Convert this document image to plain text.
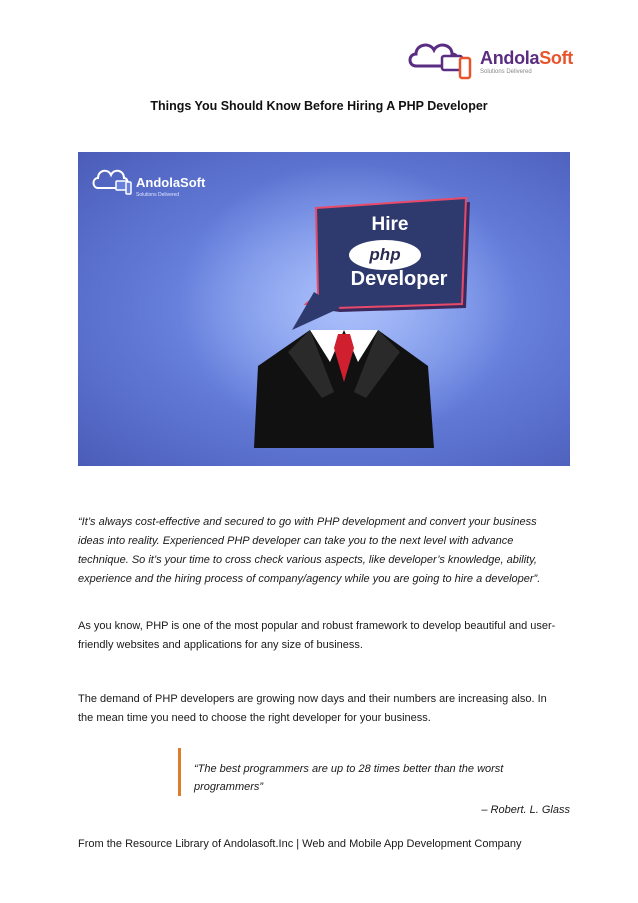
AndolaSoft
Solutions Delivered
Things You Should Know Before Hiring A PHP Developer
AndolaSoft
Solutions Delivered
Hire
php
Developer
“It’s always cost-effective and secured to go with PHP development and convert your business ideas into reality. Experienced PHP developer can take you to the next level with advance technique. So it’s your time to cross check various aspects, like developer’s knowledge, ability, experience and the hiring process of company/agency while you are going to hire a developer”.
As you know, PHP is one of the most popular and robust framework to develop beautiful and user-friendly websites and applications for any size of business.
The demand of PHP developers are growing now days and their numbers are increasing also. In the mean time you need to choose the right developer for your business.
“The best programmers are up to 28 times better than the worst programmers”
– Robert. L. Glass
From the Resource Library of Andolasoft.Inc | Web and Mobile App Development Company
